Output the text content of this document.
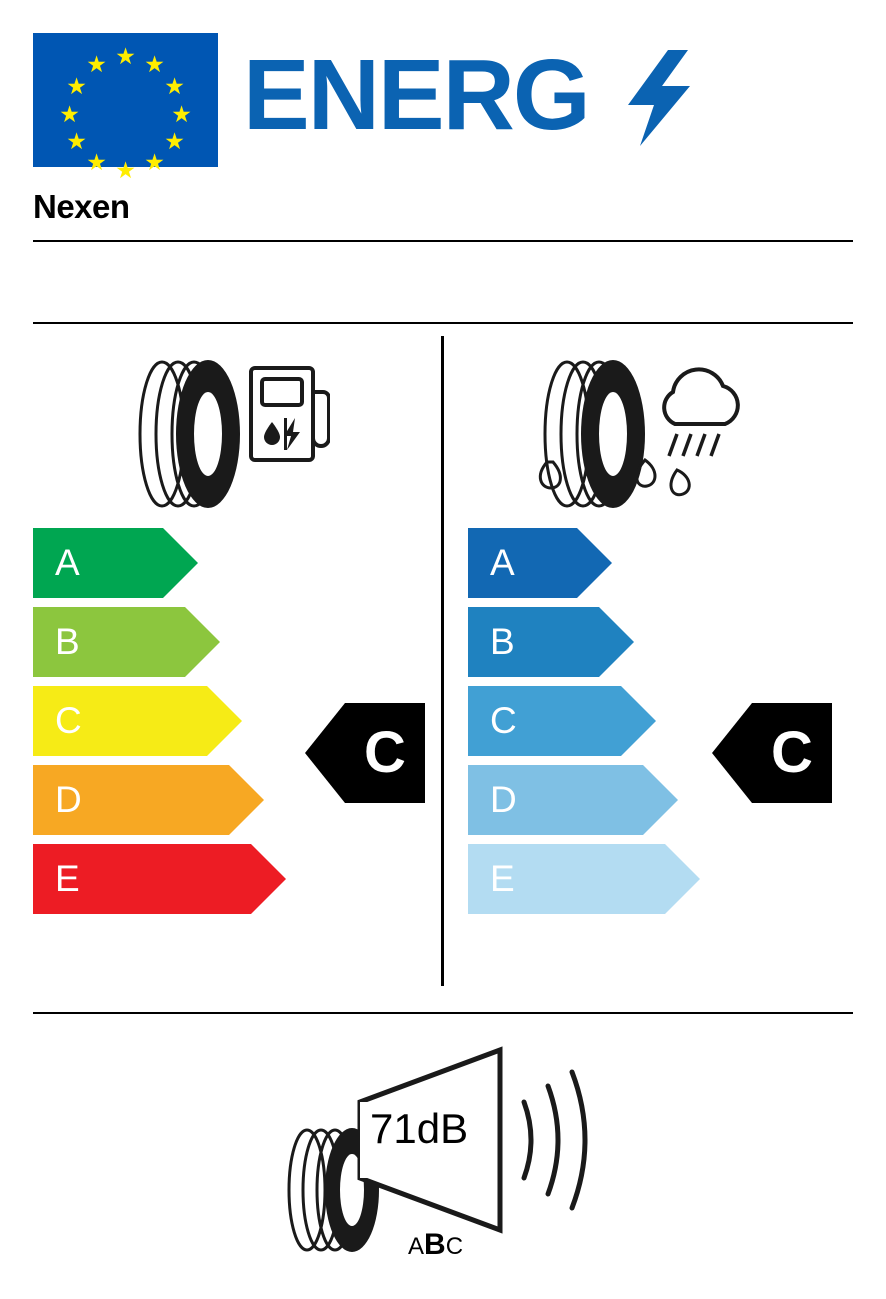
★ ★
★
★
★
★
★
★
★
★
★ ★
ENERG
Nexen
A
B
C
D
E
A
B
C
D
E
C	C
71dB
ABC
